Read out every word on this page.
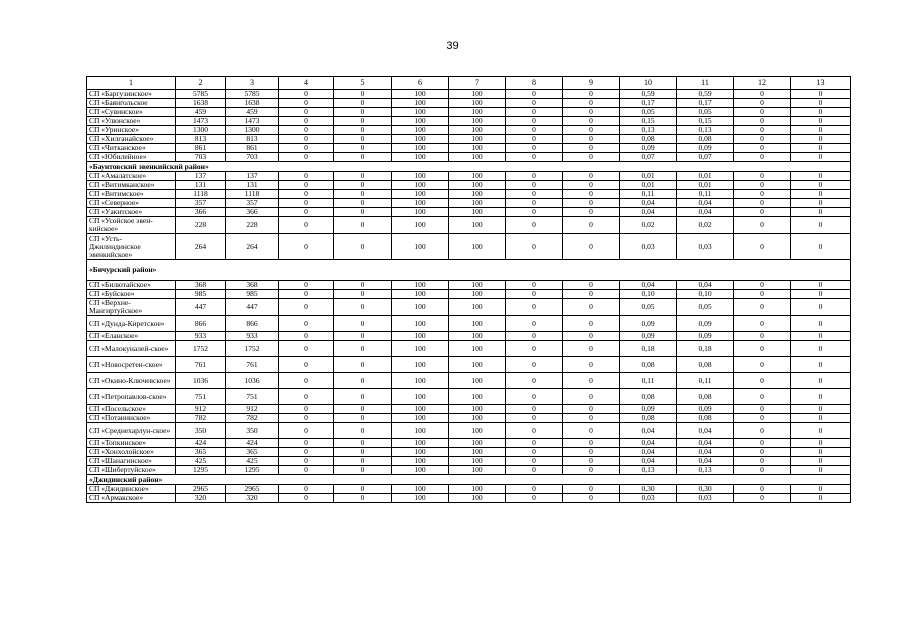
39
1	2	3	4	5	6	7	8	9	10	11	12	13
СП «Баргузинское»	5785	5785	0	0	100	100	0	0	0,59	0,59	0	0
СП «Баянгольское	1638	1638	0	0	100	100	0	0	0,17	0,17	0	0
СП «Сувинское»	459	459	0	0	100	100	0	0	0,05	0,05	0	0
СП «Улюнское»	1473	1473	0	0	100	100	0	0	0,15	0,15	0	0
СП «Уринское»	1300	1300	0	0	100	100	0	0	0,13	0,13	0	0
СП «Хилганайское»	813	813	0	0	100	100	0	0	0,08	0,08	0	0
СП «Читканское»	861	861	0	0	100	100	0	0	0,09	0,09	0	0
СП «Юбилейное»	703	703	0	0	100	100	0	0	0,07	0,07	0	0
«Баунтовский эвенкийский район»												
СП «Амалатское»	137	137	0	0	100	100	0	0	0,01	0,01	0	0
СП «Витимканское»	131	131	0	0	100	100	0	0	0,01	0,01	0	0
СП «Витимское»	1118	1118	0	0	100	100	0	0	0,11	0,11	0	0
СП «Северное»	357	357	0	0	100	100	0	0	0,04	0,04	0	0
СП «Уакитское»	366	366	0	0	100	100	0	0	0,04	0,04	0	0
СП «Усойское эвен-кийское»	228	228	0	0	100	100	0	0	0,02	0,02	0	0
СП «Усть-Джилиндинское эвенкийское»	264	264	0	0	100	100	0	0	0,03	0,03	0	0
«Бичурский район»												
СП «Билютайское»	368	368	0	0	100	100	0	0	0,04	0,04	0	0
СП «Буйское»	985	985	0	0	100	100	0	0	0,10	0,10	0	0
СП «Верхне-Мангиртуйское»	447	447	0	0	100	100	0	0	0,05	0,05	0	0
СП «Дунда-Киретское»	866	866	0	0	100	100	0	0	0,09	0,09	0	0
СП «Еланское»	933	933	0	0	100	100	0	0	0,09	0,09	0	0
СП «Малокуналей-ское»	1752	1752	0	0	100	100	0	0	0,18	0,18	0	0
СП «Новосретен-ское»	761	761	0	0	100	100	0	0	0,08	0,08	0	0
СП «Окино-Ключевское»	1036	1036	0	0	100	100	0	0	0,11	0,11	0	0
СП «Петропавлов-ское»	751	751	0	0	100	100	0	0	0,08	0,08	0	0
СП «Посельское»	912	912	0	0	100	100	0	0	0,09	0,09	0	0
СП «Потанинское»	782	782	0	0	100	100	0	0	0,08	0,08	0	0
СП «Среднехарлун-ское»	350	350	0	0	100	100	0	0	0,04	0,04	0	0
СП «Топкинское»	424	424	0	0	100	100	0	0	0,04	0,04	0	0
СП «Хонхолойское»	365	365	0	0	100	100	0	0	0,04	0,04	0	0
СП «Шанагинское»	425	425	0	0	100	100	0	0	0,04	0,04	0	0
СП «Шибертуйское»	1295	1295	0	0	100	100	0	0	0,13	0,13	0	0
«Джидинский район»												
СП «Джидинское»	2965	2965	0	0	100	100	0	0	0,30	0,30	0	0
СП «Армакское»	320	320	0	0	100	100	0	0	0,03	0,03	0	0
